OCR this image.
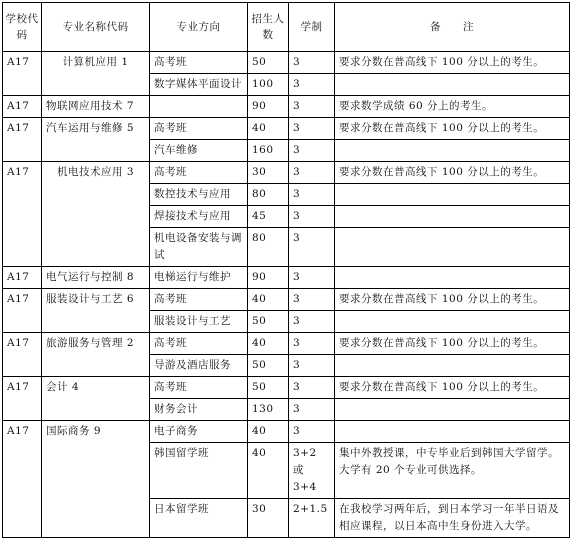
学校代码	专业名称代码	专业方向	招生人数	学制	备　　注
A17	计算机应用 1	高考班	50	3	要求分数在普高线下 100 分以上的考生。
		数字媒体平面设计	100	3	
A17	物联网应用技术 7		90	3	要求数学成绩 60 分上的考生。
A17	汽车运用与维修 5	高考班	40	3	要求分数在普高线下 100 分以上的考生。
		汽车维修	160	3	
A17	机电技术应用 3	高考班	30	3	要求分数在普高线下 100 分以上的考生。
		数控技术与应用	80	3	
		焊接技术与应用	45	3	
		机电设备安装与调试	80	3	
A17	电气运行与控制 8	电梯运行与维护	90	3	
A17	服装设计与工艺 6	高考班	40	3	要求分数在普高线下 100 分以上的考生。
		服装设计与工艺	50	3	
A17	旅游服务与管理 2	高考班	40	3	要求分数在普高线下 100 分以上的考生。
		导游及酒店服务	50	3	
A17	会计 4	高考班	50	3	要求分数在普高线下 100 分以上的考生。
		财务会计	130	3	
A17	国际商务 9	电子商务	40	3	
		韩国留学班	40	3+2 或 3+4	集中外教授课，中专毕业后到韩国大学留学。大学有 20 个专业可供选择。
		日本留学班	30	2+1.5	在我校学习两年后，到日本学习一年半日语及相应课程，以日本高中生身份进入大学。
